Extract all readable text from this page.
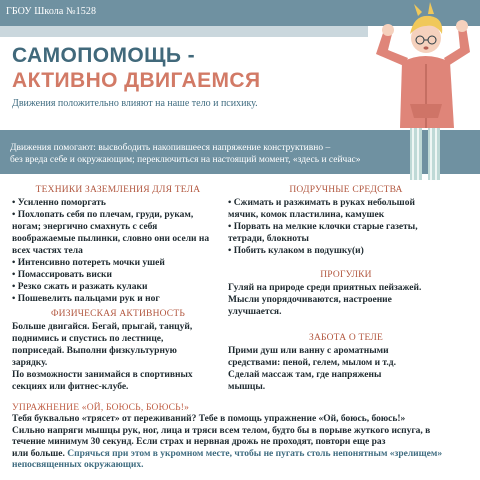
ГБОУ Школа №1528
САМОПОМОЩЬ -
АКТИВНО ДВИГАЕМСЯ
Движения положительно влияют на наше тело и психику.
Движения помогают: высвободить накопившееся напряжение конструктивно –
без вреда себе и окружающим; переключиться на настоящий момент, «здесь и сейчас»
ТЕХНИКИ ЗАЗЕМЛЕНИЯ ДЛЯ ТЕЛА

• Усиленно поморгать

• Похлопать себя по плечам, груди, рукам,

ногам; энергично смахнуть с себя

воображаемые пылинки, словно они осели на

всех частях тела

• Интенсивно потереть мочки ушей

• Помассировать виски

• Резко сжать и разжать кулаки

• Пошевелить пальцами рук и ног

ФИЗИЧЕСКАЯ АКТИВНОСТЬ

Больше двигайся. Бегай, прыгай, танцуй,

поднимись и спустись по лестнице,

поприседай. Выполни физкультурную

зарядку.

По возможности занимайся в спортивных

секциях или фитнес-клубе.

ПОДРУЧНЫЕ СРЕДСТВА

• Сжимать и разжимать в руках небольшой

мячик, комок пластилина, камушек

• Порвать на мелкие клочки старые газеты,

тетради, блокноты

• Побить кулаком в подушку(и)

ПРОГУЛКИ

Гуляй на природе среди приятных пейзажей.

Мысли упорядочиваются, настроение

улучшается.

ЗАБОТА О ТЕЛЕ

Прими душ или ванну с ароматными

средствами: пеной, гелем, мылом и т.д.

Сделай массаж там, где напряжены

мышцы.

УПРАЖНЕНИЕ «ОЙ, БОЮСЬ, БОЮСЬ!»
Тебя буквально «трясет» от переживаний? Тебе в помощь упражнение «Ой, боюсь, боюсь!»
Сильно напряги мышцы рук, ног, лица и тряси всем телом, будто бы в порыве жуткого испуга, в
течение минимум 30 секунд. Если страх и нервная дрожь не проходят, повтори еще раз
или больше. Спрячься при этом в укромном месте, чтобы не пугать столь непонятным «зрелищем»
непосвященных окружающих.
